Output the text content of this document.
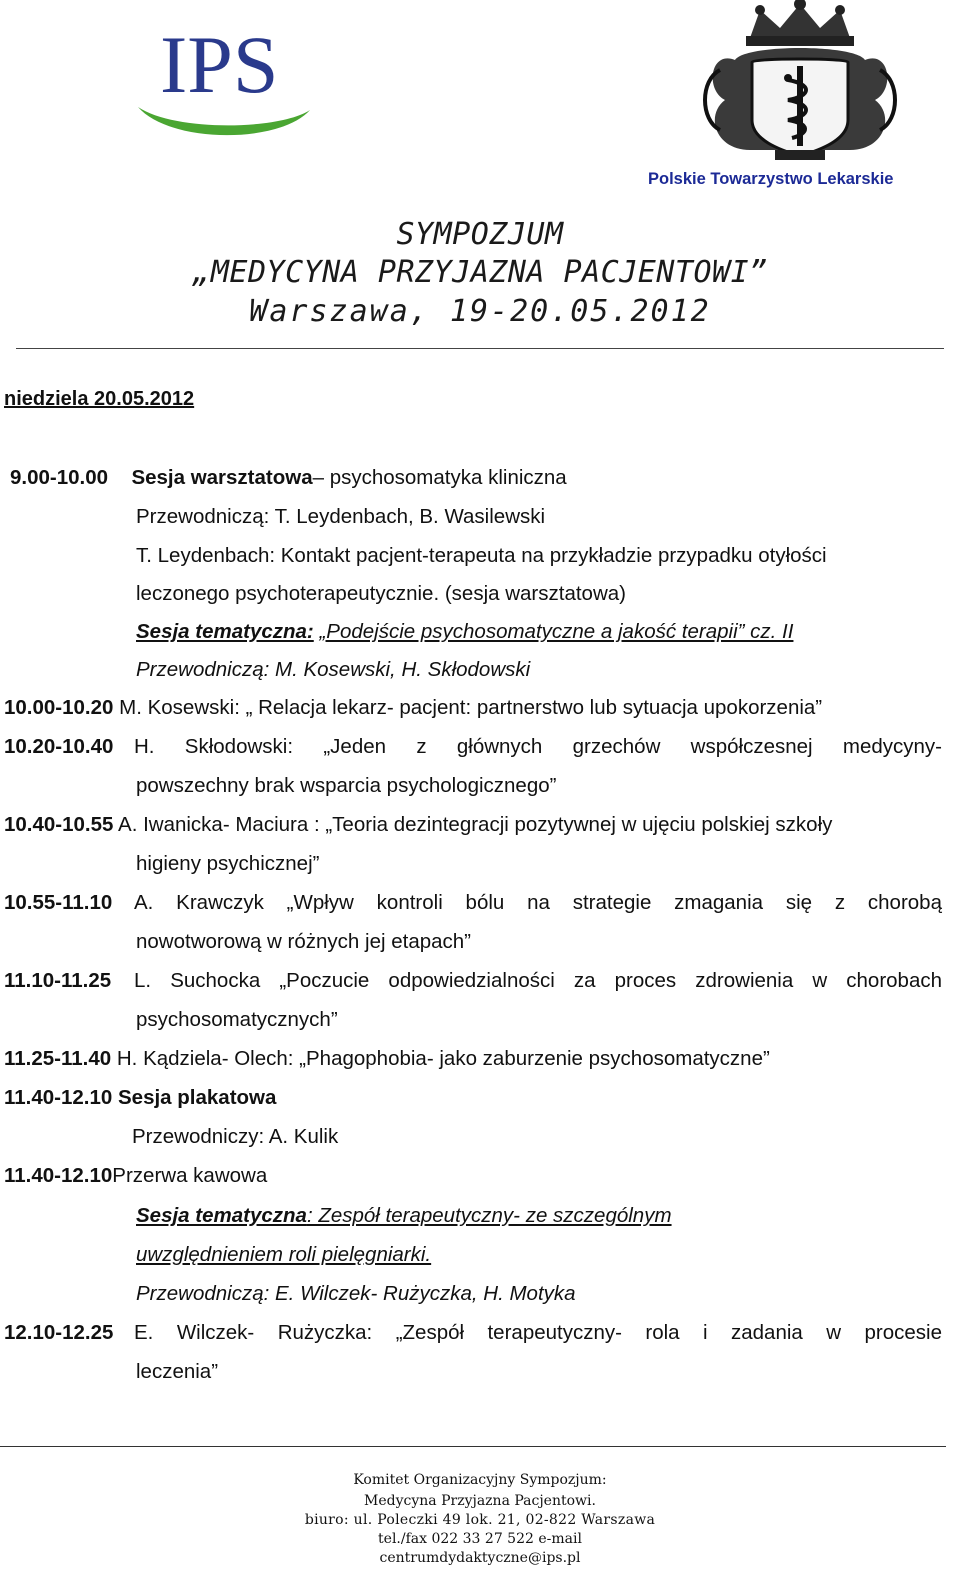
IPS
Polskie Towarzystwo Lekarskie
SYMPOZJUM
„MEDYCYNA PRZYJAZNA PACJENTOWI”
Warszawa, 19-20.05.2012
niedziela 20.05.2012
9.00-10.00 Sesja warsztatowa– psychosomatyka kliniczna
Przewodniczą: T. Leydenbach, B. Wasilewski
T. Leydenbach: Kontakt pacjent-terapeuta na przykładzie przypadku otyłości
leczonego psychoterapeutycznie. (sesja warsztatowa)
Sesja tematyczna: „Podejście psychosomatyczne a jakość terapii” cz. II
Przewodniczą: M. Kosewski, H. Skłodowski
10.00-10.20 M. Kosewski: „ Relacja lekarz- pacjent: partnerstwo lub sytuacja upokorzenia”
10.20-10.40 H. Skłodowski: „Jeden z głównych grzechów współczesnej medycyny-
powszechny brak wsparcia psychologicznego”
10.40-10.55 A. Iwanicka- Maciura : „Teoria dezintegracji pozytywnej w ujęciu polskiej szkoły
higieny psychicznej”
10.55-11.10 A. Krawczyk „Wpływ kontroli bólu na strategie zmagania się z chorobą
nowotworową w różnych jej etapach”
11.10-11.25 L. Suchocka „Poczucie odpowiedzialności za proces zdrowienia w chorobach
psychosomatycznych”
11.25-11.40 H. Kądziela- Olech: „Phagophobia- jako zaburzenie psychosomatyczne”
11.40-12.10 Sesja plakatowa
Przewodniczy: A. Kulik
11.40-12.10Przerwa kawowa
Sesja tematyczna: Zespół terapeutyczny- ze szczególnym
uwzględnieniem roli pielęgniarki.
Przewodniczą: E. Wilczek- Rużyczka, H. Motyka
12.10-12.25 E. Wilczek- Rużyczka: „Zespół terapeutyczny- rola i zadania w procesie
leczenia”
Komitet Organizacyjny Sympozjum:
Medycyna Przyjazna Pacjentowi.
biuro: ul. Poleczki 49 lok. 21, 02-822 Warszawa
tel./fax 022 33 27 522 e-mail
centrumdydaktyczne@ips.pl
